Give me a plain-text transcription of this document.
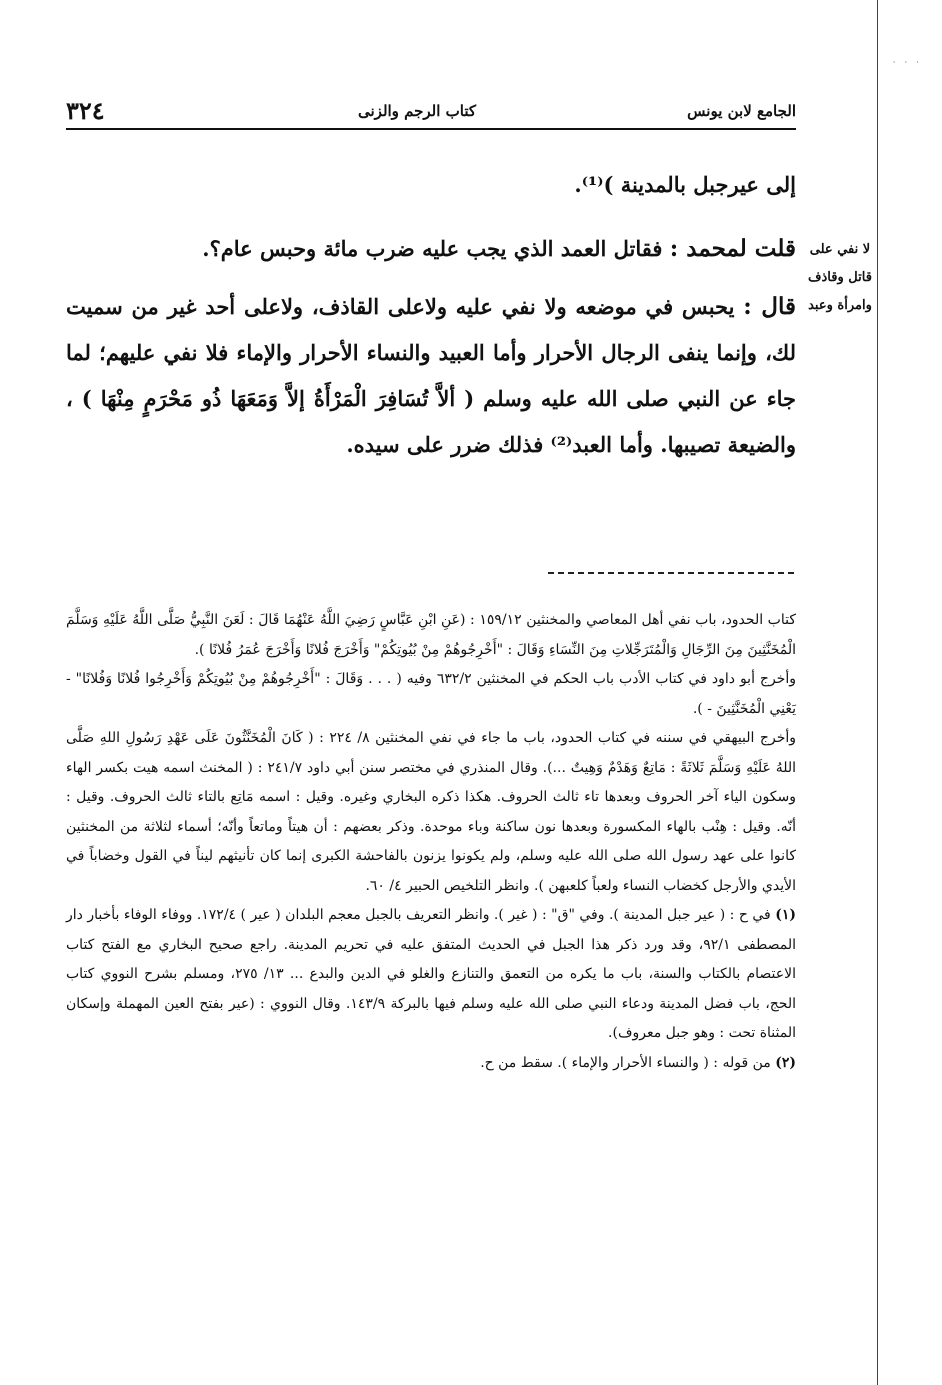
· · ·
الجامع لابن يونس
كتاب الرجم والزنى
٣٢٤
لا نفي على قاتل وقاذف وامرأة وعبد

إلى عيرجبل بالمدينة )⁽¹⁾.

قلت لمحمد : فقاتل العمد الذي يجب عليه ضرب مائة وحبس عام؟.

قال : يحبس في موضعه ولا نفي عليه ولاعلى القاذف، ولاعلى أحد غير من سميت لك، وإنما ينفى الرجال الأحرار وأما العبيد والنساء الأحرار والإماء فلا نفي عليهم؛ لما جاء عن النبي صلى الله عليه وسلم ( ألاَّ تُسَافِرَ الْمَرْأَةُ إلاَّ وَمَعَهَا ذُو مَحْرَمٍ مِنْهَا ) ، والضيعة تصيبها. وأما العبد⁽²⁾ فذلك ضرر على سيده.

كتاب الحدود، باب نفي أهل المعاصي والمخنثين ١٥٩/١٢ : (عَنِ ابْنِ عَبَّاسٍ رَضِيَ اللَّهُ عَنْهُمَا قَالَ : لَعَنَ النَّبِيُّ صَلَّى اللَّهُ عَلَيْهِ وَسَلَّمَ الْمُخَنَّثِينَ مِنَ الرِّجَالِ وَالْمُتَرَجِّلاتِ مِنَ النِّسَاءِ وَقَالَ : "أَخْرِجُوهُمْ مِنْ بُيُوتِكُمْ" وَأَخْرَجَ فُلانًا وَأَخْرَجَ عُمَرُ فُلانًا ).

وأخرج أبو داود في كتاب الأدب باب الحكم في المخنثين ٦٣٢/٢ وفيه ( . . . وَقَالَ : "أَخْرِجُوهُمْ مِنْ بُيُوتِكُمْ وَأَخْرِجُوا فُلانًا وَفُلانًا" - يَعْنِي الْمُخَنَّثِينَ - ).

وأخرج البيهقي في سننه في كتاب الحدود، باب ما جاء في نفي المخنثين ٨/ ٢٢٤ : ( كَانَ الْمُخَنَّثُونَ عَلَى عَهْدِ رَسُولِ اللهِ صَلَّى اللهُ عَلَيْهِ وَسَلَّمَ ثَلاثَةً : مَاتِعٌ وَهَدْمٌ وَهِيتٌ ...). وقال المنذري في مختصر سنن أبي داود ٢٤١/٧ : ( المخنث اسمه هيت بكسر الهاء وسكون الياء آخر الحروف وبعدها تاء ثالث الحروف. هكذا ذكره البخاري وغيره. وقيل : اسمه مَاتِع بالتاء ثالث الحروف. وقيل : أنّه. وقيل : هِنْب بالهاء المكسورة وبعدها نون ساكنة وباء موحدة. وذكر بعضهم : أن هيتاً وماتعاً وأنّه؛ أسماء لثلاثة من المخنثين كانوا على عهد رسول الله صلى الله عليه وسلم، ولم يكونوا يزنون بالفاحشة الكبرى إنما كان تأنيثهم ليناً في القول وخضاباً في الأيدي والأرجل كخضاب النساء ولعباً كلعبهن ). وانظر التلخيص الحبير ٤/ ٦٠.

(١) في ح : ( عير جبل المدينة ). وفي "ق" : ( غير ). وانظر التعريف بالجبل معجم البلدان ( عير ) ١٧٢/٤. ووفاء الوفاء بأخبار دار المصطفى ٩٢/١، وقد ورد ذكر هذا الجبل في الحديث المتفق عليه في تحريم المدينة. راجع صحيح البخاري مع الفتح كتاب الاعتصام بالكتاب والسنة، باب ما يكره من التعمق والتنازع والغلو في الدين والبدع ... ١٣/ ٢٧٥، ومسلم بشرح النووي كتاب الحج، باب فضل المدينة ودعاء النبي صلى الله عليه وسلم فيها بالبركة ١٤٣/٩. وقال النووي : (عير بفتح العين المهملة وإسكان المثناة تحت : وهو جبل معروف).

(٢) من قوله : ( والنساء الأحرار والإماء ). سقط من ح.
